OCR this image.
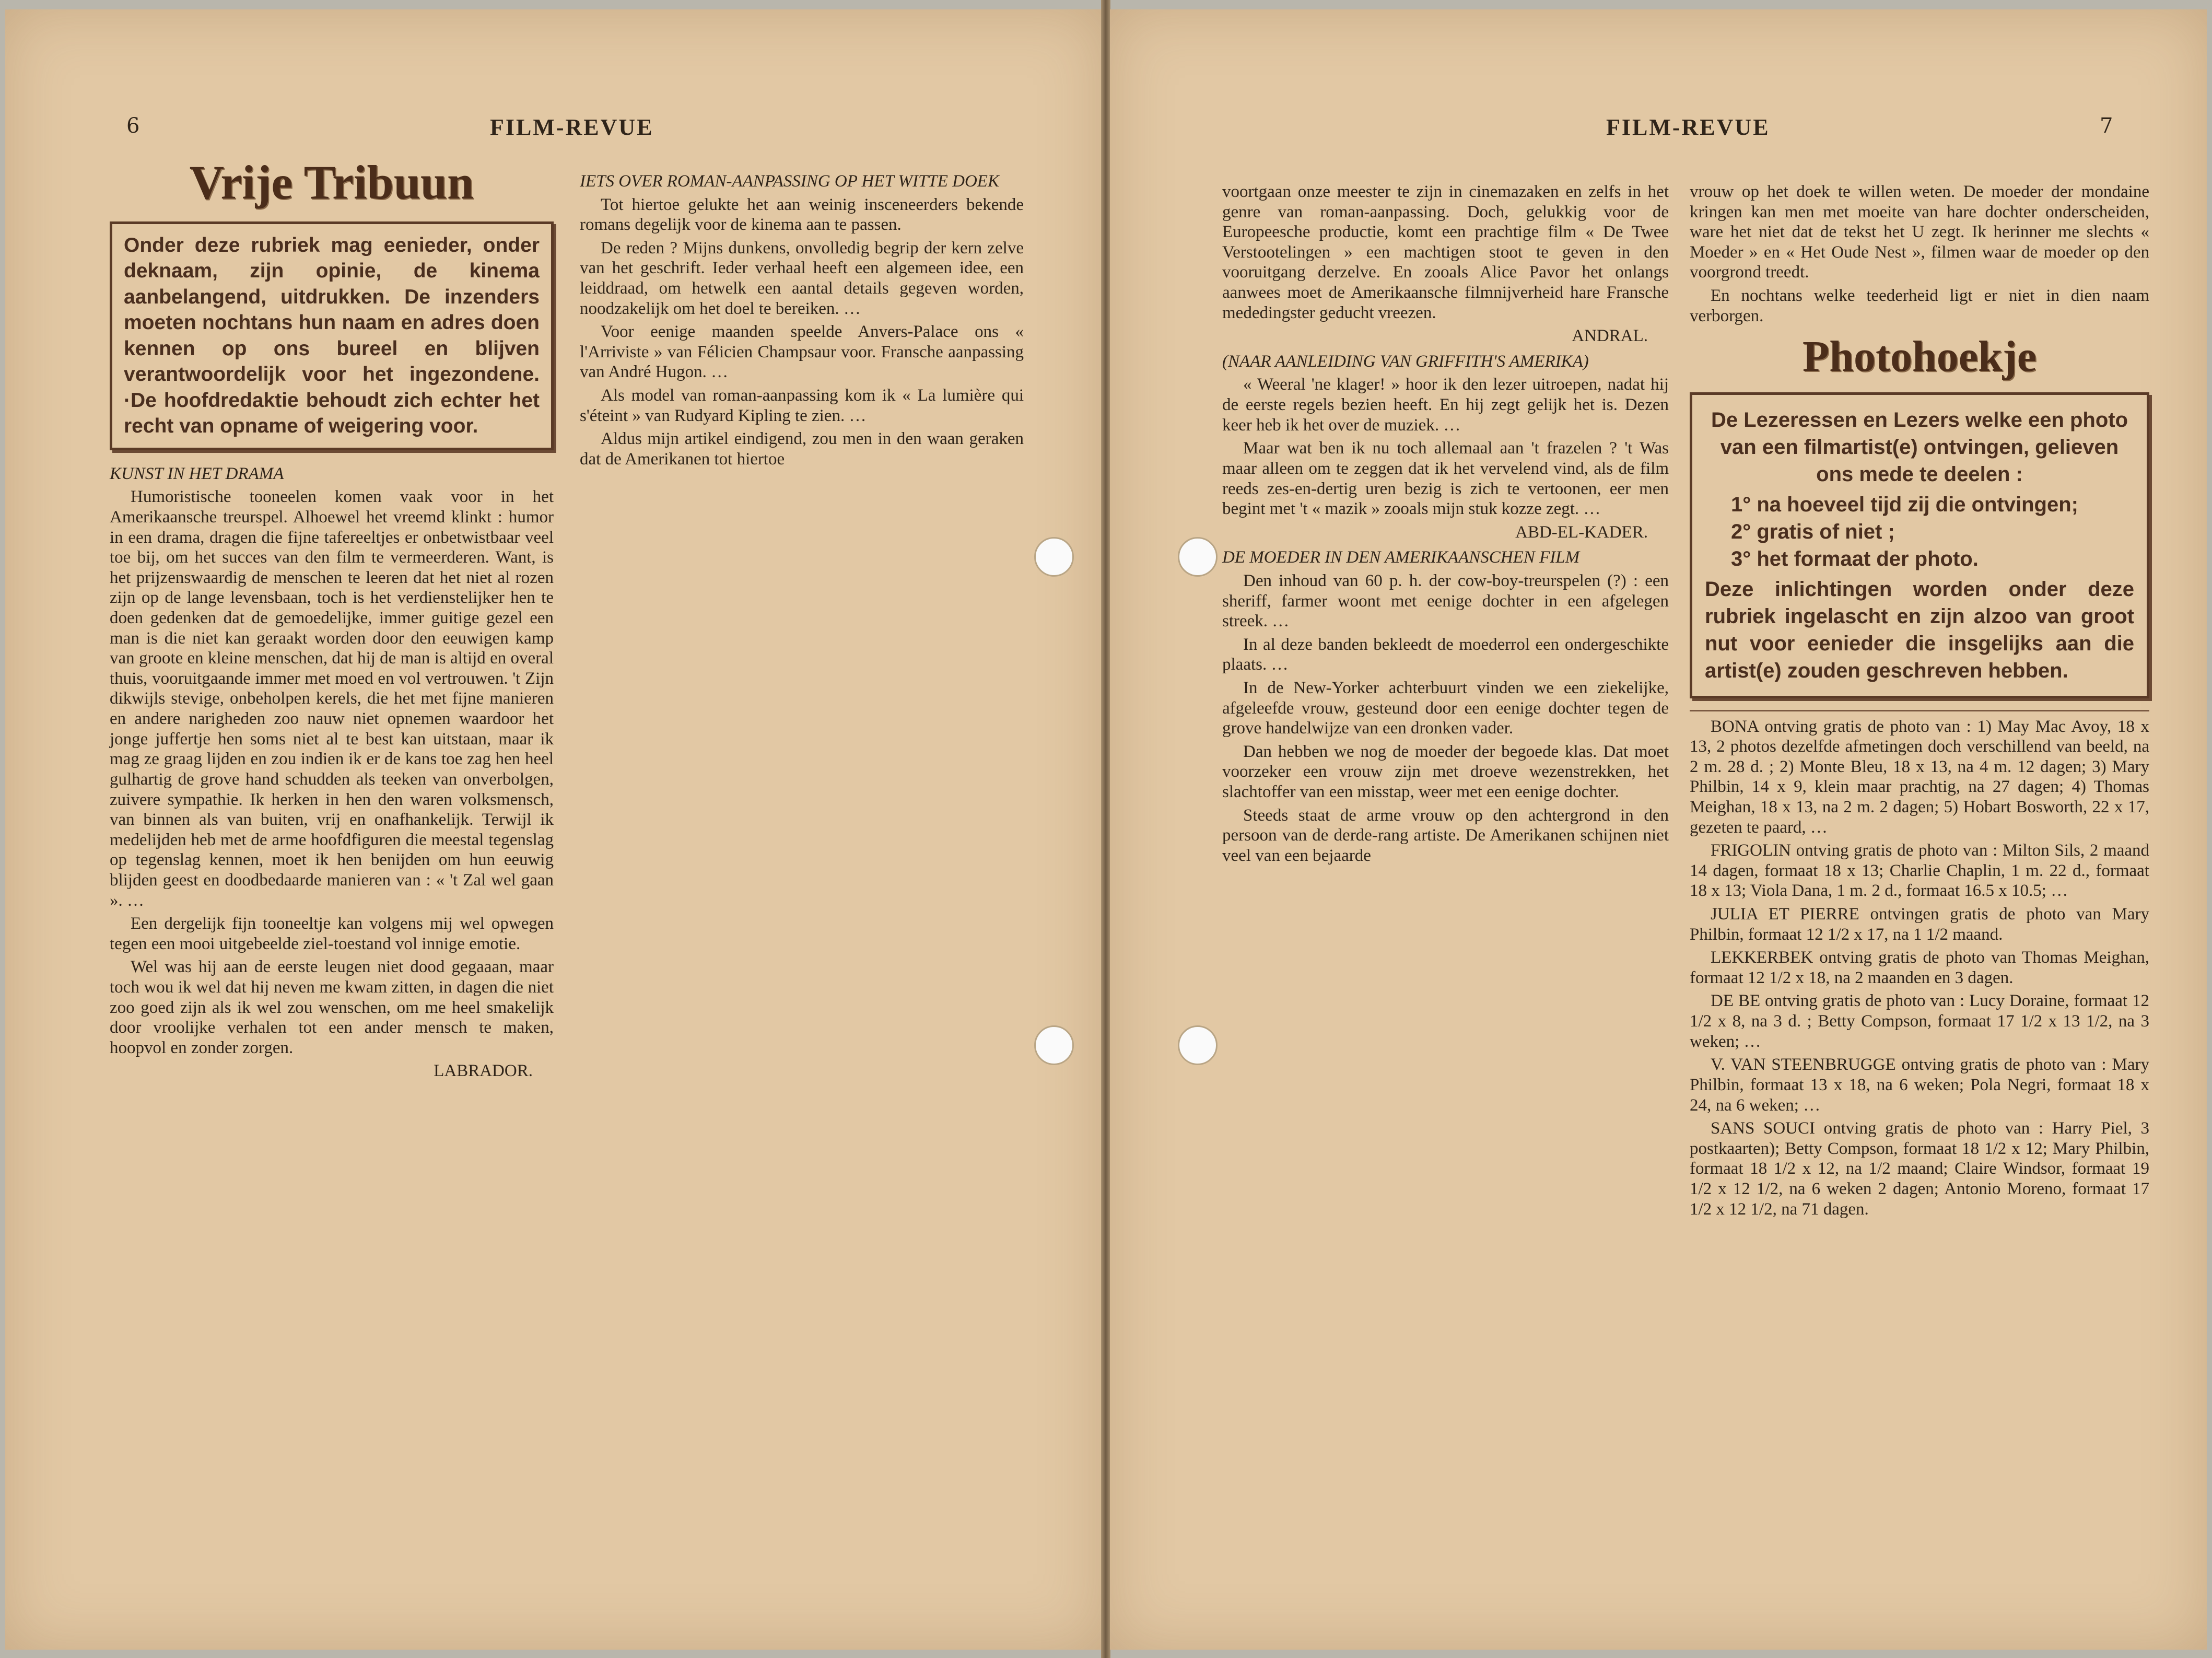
6	FILM-REVUE
Vrije Tribuun
Onder deze rubriek mag eenieder, onder deknaam, zijn opinie, de kinema aanbelangend, uitdrukken. De inzenders moeten nochtans hun naam en adres doen kennen op ons bureel en blijven verantwoordelijk voor het ingezondene. ·De hoofdredaktie behoudt zich echter het recht van opname of weigering voor.

KUNST IN HET DRAMA

Humoristische tooneelen komen vaak voor in het Amerikaansche treurspel. Alhoewel het vreemd klinkt : humor in een drama, dragen die fijne tafereeltjes er onbetwistbaar veel toe bij, om het succes van den film te vermeerderen. Want, is het prijzenswaardig de menschen te leeren dat het niet al rozen zijn op de lange levensbaan, toch is het verdienstelijker hen te doen gedenken dat de gemoedelijke, immer guitige gezel een man is die niet kan geraakt worden door den eeuwigen kamp van groote en kleine menschen, dat hij de man is altijd en overal thuis, vooruitgaande immer met moed en vol vertrouwen. 't Zijn dikwijls stevige, onbeholpen kerels, die het met fijne manieren en andere narigheden zoo nauw niet opnemen waardoor het jonge juffertje hen soms niet al te best kan uitstaan, maar ik mag ze graag lijden en zou indien ik er de kans toe zag hen heel gulhartig de grove hand schudden als teeken van onverbolgen, zuivere sympathie. Ik herken in hen den waren volksmensch, van binnen als van buiten, vrij en onafhankelijk. Terwijl ik medelijden heb met de arme hoofdfiguren die meestal tegenslag op tegenslag kennen, moet ik hen benijden om hun eeuwig blijden geest en doodbedaarde manieren van : « 't Zal wel gaan ». …

Een dergelijk fijn tooneeltje kan volgens mij wel opwegen tegen een mooi uitgebeelde ziel-toestand vol innige emotie.

Wel was hij aan de eerste leugen niet dood gegaaan, maar toch wou ik wel dat hij neven me kwam zitten, in dagen die niet zoo goed zijn als ik wel zou wenschen, om me heel smakelijk door vroolijke verhalen tot een ander mensch te maken, hoopvol en zonder zorgen.

LABRADOR.

IETS OVER ROMAN-AANPASSING OP HET WITTE DOEK

Tot hiertoe gelukte het aan weinig insceneerders bekende romans degelijk voor de kinema aan te passen.

De reden ? Mijns dunkens, onvolledig begrip der kern zelve van het geschrift. Ieder verhaal heeft een algemeen idee, een leiddraad, om hetwelk een aantal details gegeven worden, noodzakelijk om het doel te bereiken. …

Voor eenige maanden speelde Anvers-Palace ons « l'Arriviste » van Félicien Champsaur voor. Fransche aanpassing van André Hugon. …

Als model van roman-aanpassing kom ik « La lumière qui s'éteint » van Rudyard Kipling te zien. …

Aldus mijn artikel eindigend, zou men in den waan geraken dat de Amerikanen tot hiertoe

FILM-REVUE	7

voortgaan onze meester te zijn in cinemazaken en zelfs in het genre van roman-aanpassing. Doch, gelukkig voor de Europeesche productie, komt een prachtige film « De Twee Verstootelingen » een machtigen stoot te geven in den vooruitgang derzelve. En zooals Alice Pavor het onlangs aanwees moet de Amerikaansche filmnijverheid hare Fransche mededingster geducht vreezen.

ANDRAL.

(NAAR AANLEIDING VAN GRIFFITH'S AMERIKA)

« Weeral 'ne klager! » hoor ik den lezer uitroepen, nadat hij de eerste regels bezien heeft. En hij zegt gelijk het is. Dezen keer heb ik het over de muziek. …

Maar wat ben ik nu toch allemaal aan 't frazelen ? 't Was maar alleen om te zeggen dat ik het vervelend vind, als de film reeds zes-en-dertig uren bezig is zich te vertoonen, eer men begint met 't « mazik » zooals mijn stuk kozze zegt. …

ABD-EL-KADER.

DE MOEDER IN DEN AMERIKAANSCHEN FILM

Den inhoud van 60 p. h. der cow-boy-treurspelen (?) : een sheriff, farmer woont met eenige dochter in een afgelegen streek. …

In al deze banden bekleedt de moederrol een ondergeschikte plaats. …

In de New-Yorker achterbuurt vinden we een ziekelijke, afgeleefde vrouw, gesteund door een eenige dochter tegen de grove handelwijze van een dronken vader.

Dan hebben we nog de moeder der begoede klas. Dat moet voorzeker een vrouw zijn met droeve wezenstrekken, het slachtoffer van een misstap, weer met een eenige dochter.

Steeds staat de arme vrouw op den achtergrond in den persoon van de derde-rang artiste. De Amerikanen schijnen niet veel van een bejaarde

vrouw op het doek te willen weten. De moeder der mondaine kringen kan men met moeite van hare dochter onderscheiden, ware het niet dat de tekst het U zegt. Ik herinner me slechts « Moeder » en « Het Oude Nest », filmen waar de moeder op den voorgrond treedt.

En nochtans welke teederheid ligt er niet in dien naam verborgen.

Photohoekje
De Lezeressen en Lezers welke een photo van een filmartist(e) ontvingen, gelieven ons mede te deelen :
1° na hoeveel tijd zij die ontvingen;
2° gratis of niet ;
3° het formaat der photo.
Deze inlichtingen worden onder deze rubriek ingelascht en zijn alzoo van groot nut voor eenieder die insgelijks aan die artist(e) zouden geschreven hebben.

BONA ontving gratis de photo van : 1) May Mac Avoy, 18 x 13, 2 photos dezelfde afmetingen doch verschillend van beeld, na 2 m. 28 d. ; 2) Monte Bleu, 18 x 13, na 4 m. 12 dagen; 3) Mary Philbin, 14 x 9, klein maar prachtig, na 27 dagen; 4) Thomas Meighan, 18 x 13, na 2 m. 2 dagen; 5) Hobart Bosworth, 22 x 17, gezeten te paard, …

FRIGOLIN ontving gratis de photo van : Milton Sils, 2 maand 14 dagen, formaat 18 x 13; Charlie Chaplin, 1 m. 22 d., formaat 18 x 13; Viola Dana, 1 m. 2 d., formaat 16.5 x 10.5; …

JULIA ET PIERRE ontvingen gratis de photo van Mary Philbin, formaat 12 1/2 x 17, na 1 1/2 maand.

LEKKERBEK ontving gratis de photo van Thomas Meighan, formaat 12 1/2 x 18, na 2 maanden en 3 dagen.

DE BE ontving gratis de photo van : Lucy Doraine, formaat 12 1/2 x 8, na 3 d. ; Betty Compson, formaat 17 1/2 x 13 1/2, na 3 weken; …

V. VAN STEENBRUGGE ontving gratis de photo van : Mary Philbin, formaat 13 x 18, na 6 weken; Pola Negri, formaat 18 x 24, na 6 weken; …

SANS SOUCI ontving gratis de photo van : Harry Piel, 3 postkaarten); Betty Compson, formaat 18 1/2 x 12; Mary Philbin, formaat 18 1/2 x 12, na 1/2 maand; Claire Windsor, formaat 19 1/2 x 12 1/2, na 6 weken 2 dagen; Antonio Moreno, formaat 17 1/2 x 12 1/2, na 71 dagen.
